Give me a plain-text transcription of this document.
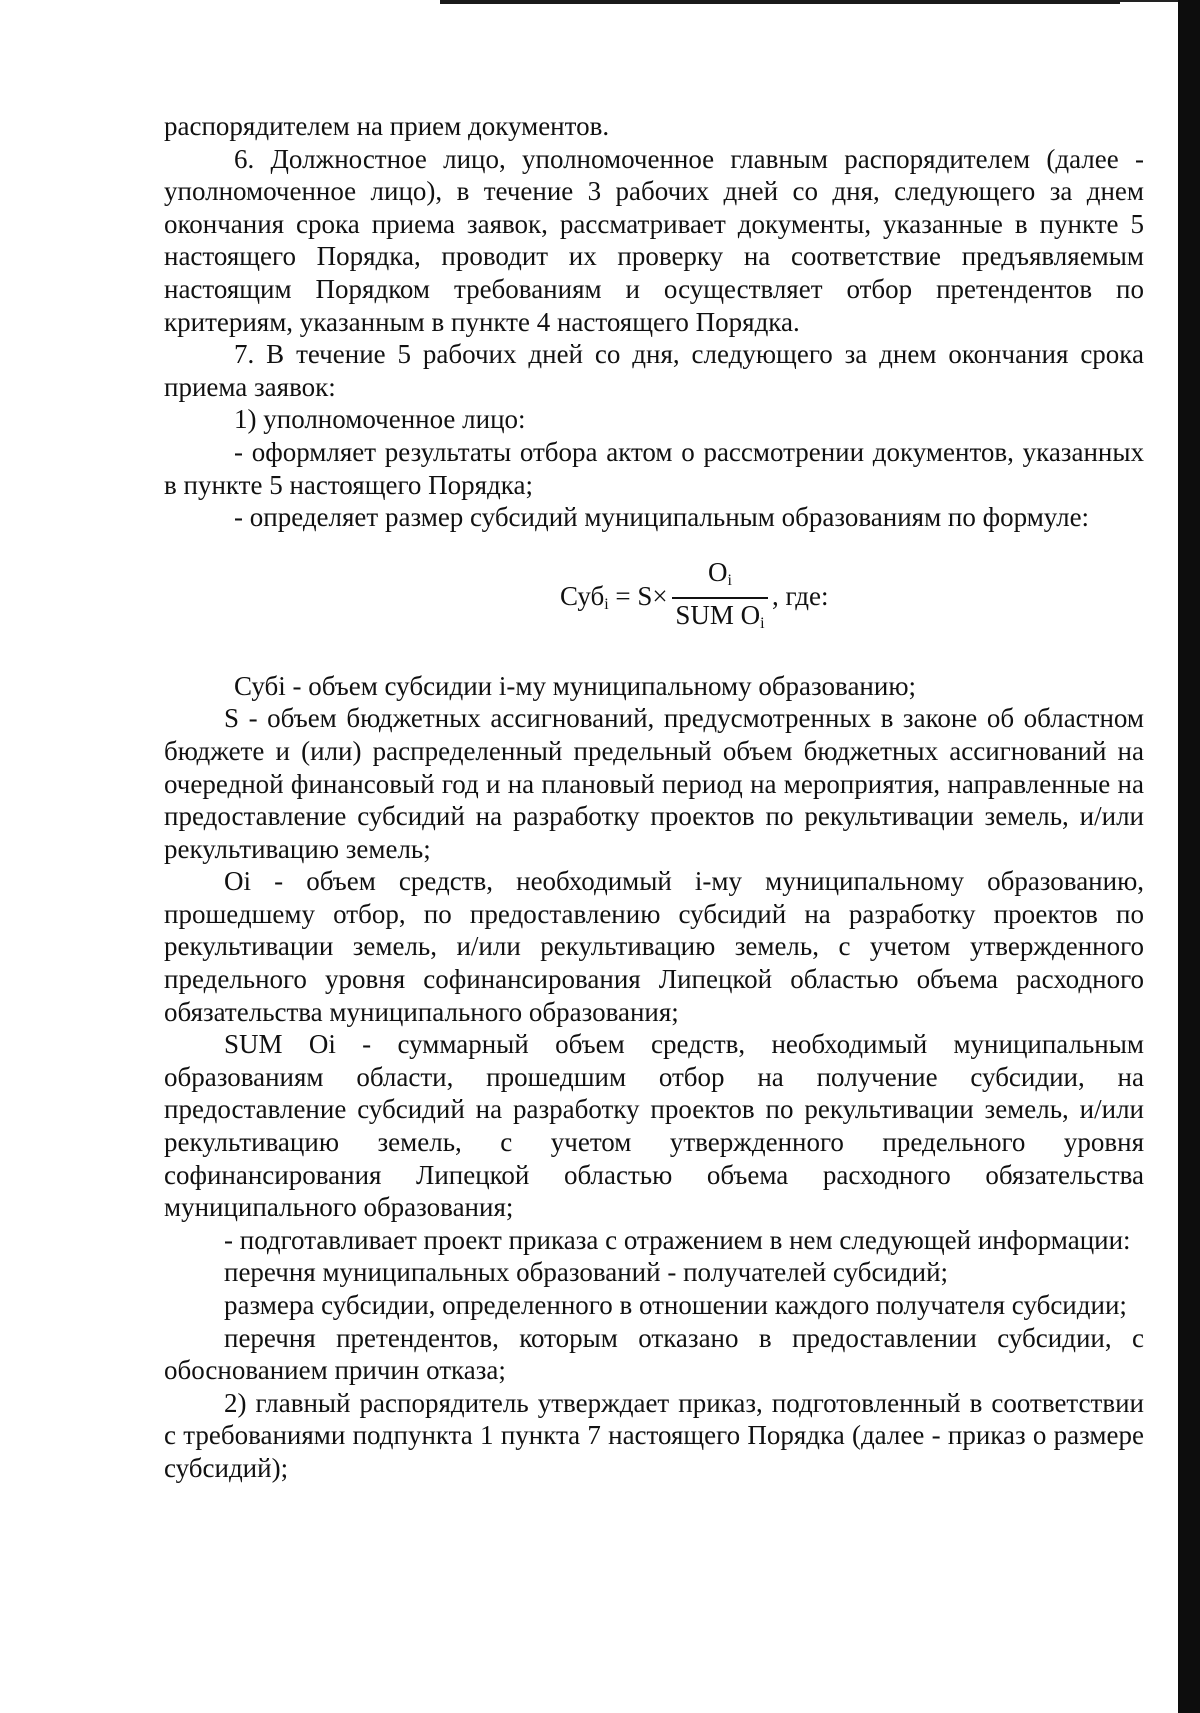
распорядителем на прием документов.

6. Должностное лицо, уполномоченное главным распорядителем (далее - уполномоченное лицо), в течение 3 рабочих дней со дня, следующего за днем окончания срока приема заявок, рассматривает документы, указанные в пункте 5 настоящего Порядка, проводит их проверку на соответствие предъявляемым настоящим Порядком требованиям и осуществляет отбор претендентов по критериям, указанным в пункте 4 настоящего Порядка.

7. В течение 5 рабочих дней со дня, следующего за днем окончания срока приема заявок:

1) уполномоченное лицо:

- оформляет результаты отбора актом о рассмотрении документов, указанных в пункте 5 настоящего Порядка;

- определяет размер субсидий муниципальным образованиям по формуле:

Субi = S×
Oi
SUM Oi
, где:

Субi - объем субсидии i-му муниципальному образованию;

S - объем бюджетных ассигнований, предусмотренных в законе об областном бюджете и (или) распределенный предельный объем бюджетных ассигнований на очередной финансовый год и на плановый период на мероприятия, направленные на предоставление субсидий на разработку проектов по рекультивации земель, и/или рекультивацию земель;

Oi - объем средств, необходимый i-му муниципальному образованию, прошедшему отбор, по предоставлению субсидий на разработку проектов по рекультивации земель, и/или рекультивацию земель, с учетом утвержденного предельного уровня софинансирования Липецкой областью объема расходного обязательства муниципального образования;

SUM Oi - суммарный объем средств, необходимый муниципальным образованиям области, прошедшим отбор на получение субсидии, на предоставление субсидий на разработку проектов по рекультивации земель, и/или рекультивацию земель, с учетом утвержденного предельного уровня софинансирования Липецкой областью объема расходного обязательства муниципального образования;

- подготавливает проект приказа с отражением в нем следующей информации:

перечня муниципальных образований - получателей субсидий;

размера субсидии, определенного в отношении каждого получателя субсидии;

перечня претендентов, которым отказано в предоставлении субсидии, с обоснованием причин отказа;

2) главный распорядитель утверждает приказ, подготовленный в соответствии с требованиями подпункта 1 пункта 7 настоящего Порядка (далее - приказ о размере субсидий);
